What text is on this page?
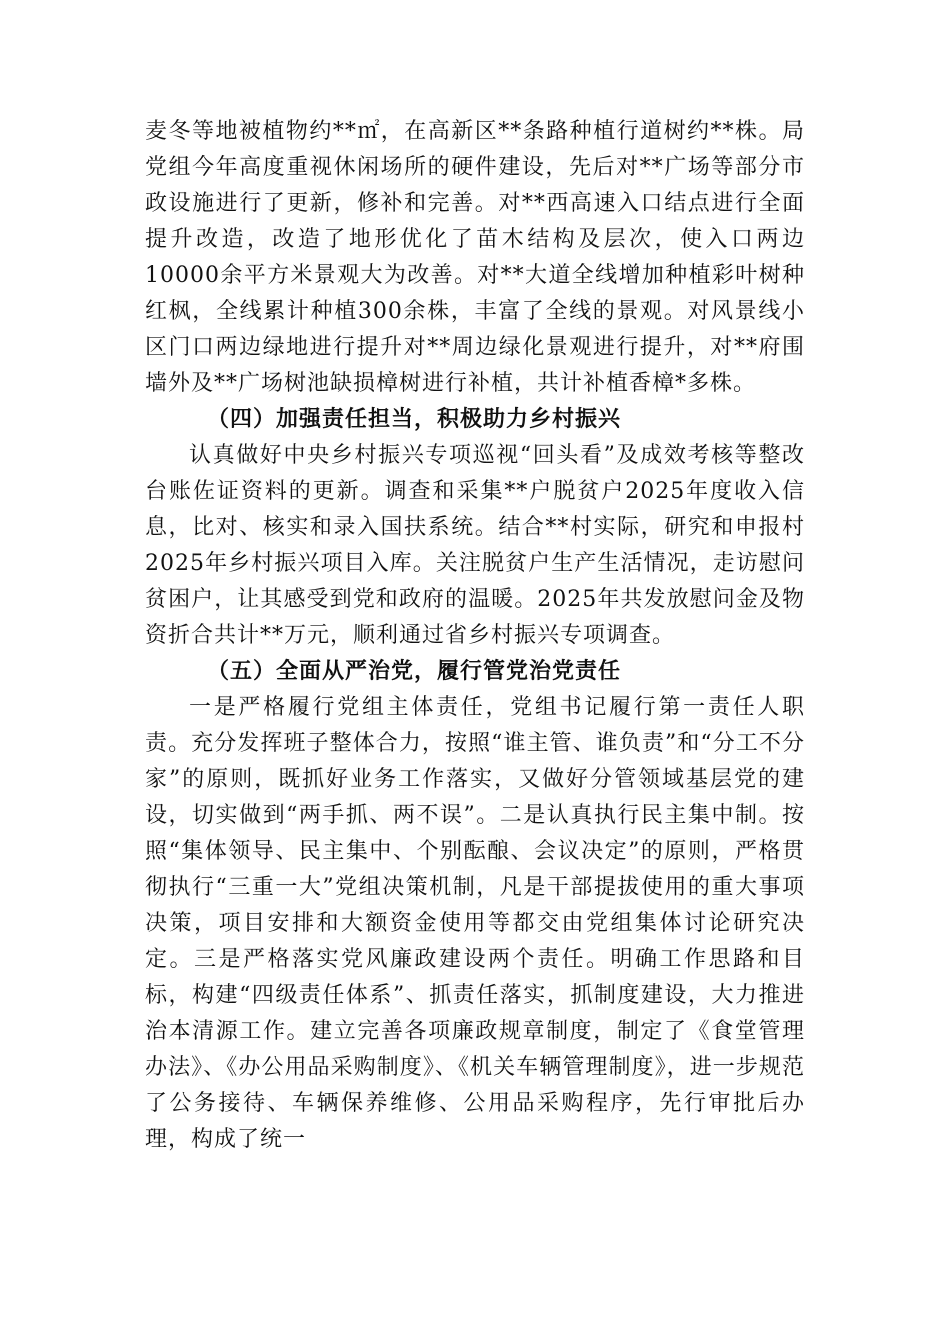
麦冬等地被植物约**㎡，在高新区**条路种植行道树约**株。局党组今年高度重视休闲场所的硬件建设，先后对**广场等部分市政设施进行了更新，修补和完善。对**西高速入口结点进行全面提升改造，改造了地形优化了苗木结构及层次，使入口两边10000余平方米景观大为改善。对**大道全线增加种植彩叶树种红枫，全线累计种植300余株，丰富了全线的景观。对风景线小区门口两边绿地进行提升对**周边绿化景观进行提升，对**府围墙外及**广场树池缺损樟树进行补植，共计补植香樟*多株。

（四）加强责任担当，积极助力乡村振兴

认真做好中央乡村振兴专项巡视“回头看”及成效考核等整改台账佐证资料的更新。调查和采集**户脱贫户2025年度收入信息，比对、核实和录入国扶系统。结合**村实际，研究和申报村2025年乡村振兴项目入库。关注脱贫户生产生活情况，走访慰问贫困户，让其感受到党和政府的温暖。2025年共发放慰问金及物资折合共计**万元，顺利通过省乡村振兴专项调查。

（五）全面从严治党，履行管党治党责任

一是严格履行党组主体责任，党组书记履行第一责任人职责。充分发挥班子整体合力，按照“谁主管、谁负责”和“分工不分家”的原则，既抓好业务工作落实，又做好分管领域基层党的建设，切实做到“两手抓、两不误”。二是认真执行民主集中制。按照“集体领导、民主集中、个别酝酿、会议决定”的原则，严格贯彻执行“三重一大”党组决策机制，凡是干部提拔使用的重大事项决策，项目安排和大额资金使用等都交由党组集体讨论研究决定。三是严格落实党风廉政建设两个责任。明确工作思路和目标，构建“四级责任体系”、抓责任落实，抓制度建设，大力推进治本清源工作。建立完善各项廉政规章制度，制定了《食堂管理办法》、《办公用品采购制度》、《机关车辆管理制度》，进一步规范了公务接待、车辆保养维修、公用品采购程序，先行审批后办理，构成了统一
